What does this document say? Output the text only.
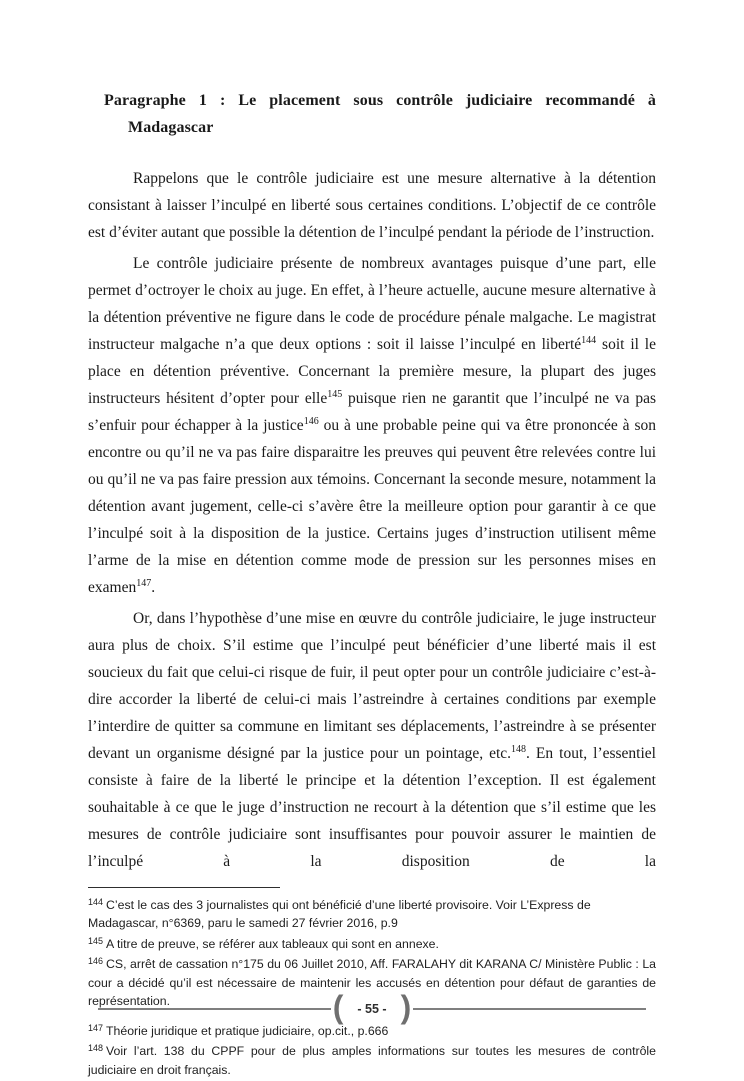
Paragraphe 1 : Le placement sous contrôle judiciaire recommandé à
Madagascar

Rappelons que le contrôle judiciaire est une mesure alternative à la détention consistant à laisser l’inculpé en liberté sous certaines conditions. L’objectif de ce contrôle est d’éviter autant que possible la détention de l’inculpé pendant la période de l’instruction.

Le contrôle judiciaire présente de nombreux avantages puisque d’une part, elle permet d’octroyer le choix au juge. En effet, à l’heure actuelle, aucune mesure alternative à la détention préventive ne figure dans le code de procédure pénale malgache. Le magistrat instructeur malgache n’a que deux options : soit il laisse l’inculpé en liberté$^{144}$ soit il le place en détention préventive. Concernant la première mesure, la plupart des juges instructeurs hésitent d’opter pour elle$^{145}$ puisque rien ne garantit que l’inculpé ne va pas s’enfuir pour échapper à la justice$^{146}$ ou à une probable peine qui va être prononcée à son encontre ou qu’il ne va pas faire disparaitre les preuves qui peuvent être relevées contre lui ou qu’il ne va pas faire pression aux témoins. Concernant la seconde mesure, notamment la détention avant jugement, celle-ci s’avère être la meilleure option pour garantir à ce que l’inculpé soit à la disposition de la justice. Certains juges d’instruction utilisent même l’arme de la mise en détention comme mode de pression sur les personnes mises en examen$^{147}$.

Or, dans l’hypothèse d’une mise en œuvre du contrôle judiciaire, le juge instructeur aura plus de choix. S’il estime que l’inculpé peut bénéficier d’une liberté mais il est soucieux du fait que celui-ci risque de fuir, il peut opter pour un contrôle judiciaire c’est-à-dire accorder la liberté de celui-ci mais l’astreindre à certaines conditions par exemple l’interdire de quitter sa commune en limitant ses déplacements, l’astreindre à se présenter devant un organisme désigné par la justice pour un pointage, etc.$^{148}$. En tout, l’essentiel consiste à faire de la liberté le principe et la détention l’exception. Il est également souhaitable à ce que le juge d’instruction ne recourt à la détention que s’il estime que les mesures de contrôle judiciaire sont insuffisantes pour pouvoir assurer le maintien de l’inculpé à la disposition de la

$^{144}$ C’est le cas des 3 journalistes qui ont bénéficié d’une liberté provisoire. Voir L’Express de Madagascar, n°6369, paru le samedi 27 février 2016, p.9

$^{145}$ A titre de preuve, se référer aux tableaux qui sont en annexe.

$^{146}$ CS, arrêt de cassation n°175 du 06 Juillet 2010, Aff. FARALAHY dit KARANA C/ Ministère Public : La cour a décidé qu’il est nécessaire de maintenir les accusés en détention pour défaut de garanties de représentation.

$^{147}$ Théorie juridique et pratique judiciaire, op.cit., p.666

$^{148}$ Voir l’art. 138 du CPPF pour de plus amples informations sur toutes les mesures de contrôle judiciaire en droit français.

( - 55 - )
